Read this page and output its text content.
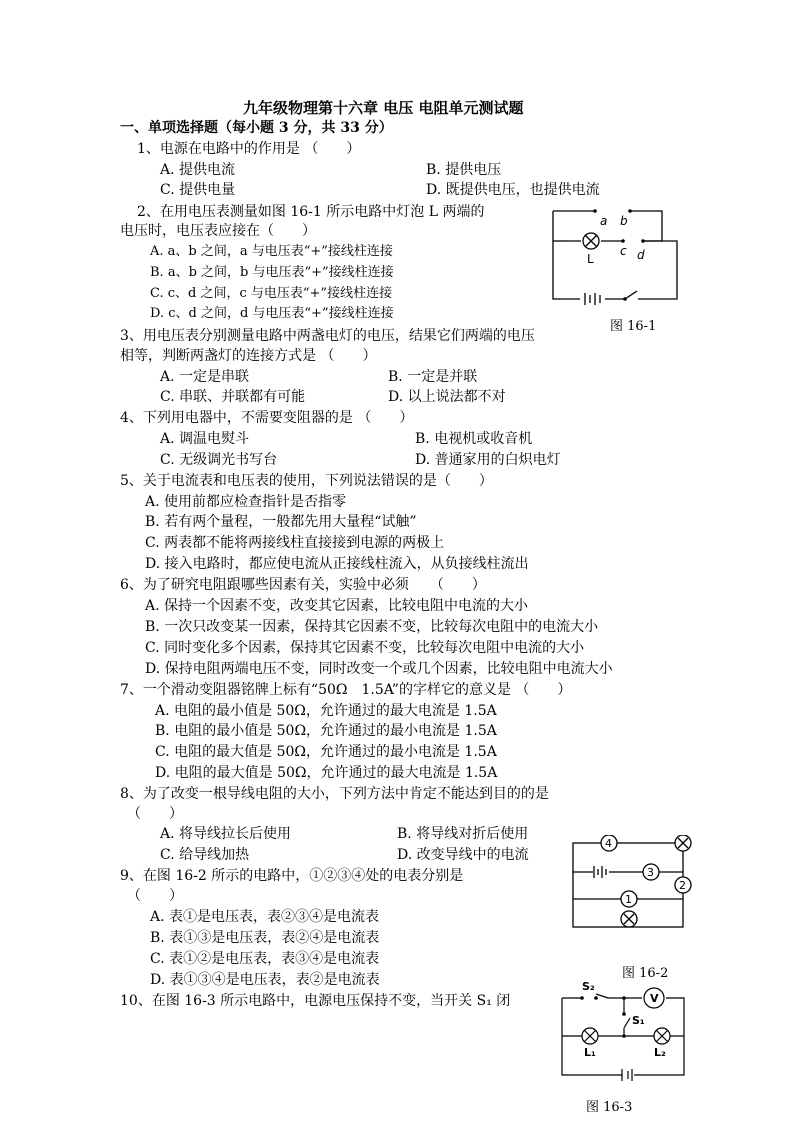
九年级物理第十六章 电压 电阻单元测试题
一、单项选择题（每小题 3 分，共 33 分）
1、电源在电路中的作用是 （　　）
A. 提供电流	B. 提供电压
C. 提供电量	D. 既提供电压，也提供电流
2、在用电压表测量如图 16-1 所示电路中灯泡 L 两端的
电压时，电压表应接在（　　）
A. a、b 之间，a 与电压表“+”接线柱连接
B. a、b 之间，b 与电压表“+”接线柱连接
C. c、d 之间，c 与电压表“+”接线柱连接
D. c、d 之间，d 与电压表“+”接线柱连接
a b
c d
L
图 16-1
3、用电压表分别测量电路中两盏电灯的电压，结果它们两端的电压
相等，判断两盏灯的连接方式是 （　　）
A. 一定是串联	B. 一定是并联
C. 串联、并联都有可能	D. 以上说法都不对
4、下列用电器中，不需要变阻器的是 （　　）
A. 调温电熨斗	B. 电视机或收音机
C. 无级调光书写台	D. 普通家用的白炽电灯
5、关于电流表和电压表的使用，下列说法错误的是（　　）
A. 使用前都应检查指针是否指零
B. 若有两个量程，一般都先用大量程“试触”
C. 两表都不能将两接线柱直接接到电源的两极上
D. 接入电路时，都应使电流从正接线柱流入，从负接线柱流出
6、为了研究电阻跟哪些因素有关，实验中必须　　（　　）
A. 保持一个因素不变，改变其它因素，比较电阻中电流的大小
B. 一次只改变某一因素，保持其它因素不变，比较每次电阻中的电流大小
C. 同时变化多个因素，保持其它因素不变，比较每次电阻中电流的大小
D. 保持电阻两端电压不变，同时改变一个或几个因素，比较电阻中电流大小
7、一个滑动变阻器铭牌上标有“50Ω　1.5A”的字样它的意义是 （　　）
A. 电阻的最小值是 50Ω，允许通过的最大电流是 1.5A
B. 电阻的最小值是 50Ω，允许通过的最小电流是 1.5A
C. 电阻的最大值是 50Ω，允许通过的最小电流是 1.5A
D. 电阻的最大值是 50Ω，允许通过的最大电流是 1.5A
8、为了改变一根导线电阻的大小，下列方法中肯定不能达到目的的是
（　　）
A. 将导线拉长后使用	B. 将导线对折后使用
C. 给导线加热	D. 改变导线中的电流
4
3
2
1
9、在图 16-2 所示的电路中，①②③④处的电表分别是
（　　）
A. 表①是电压表，表②③④是电流表
B. 表①③是电压表，表②④是电流表
C. 表①②是电压表，表③④是电流表
D. 表①③④是电压表，表②是电流表	图 16-2
10、在图 16-3 所示电路中，电源电压保持不变，当开关 S₁ 闭	V
S₂
S₁
L₁	L₂
图 16-3
